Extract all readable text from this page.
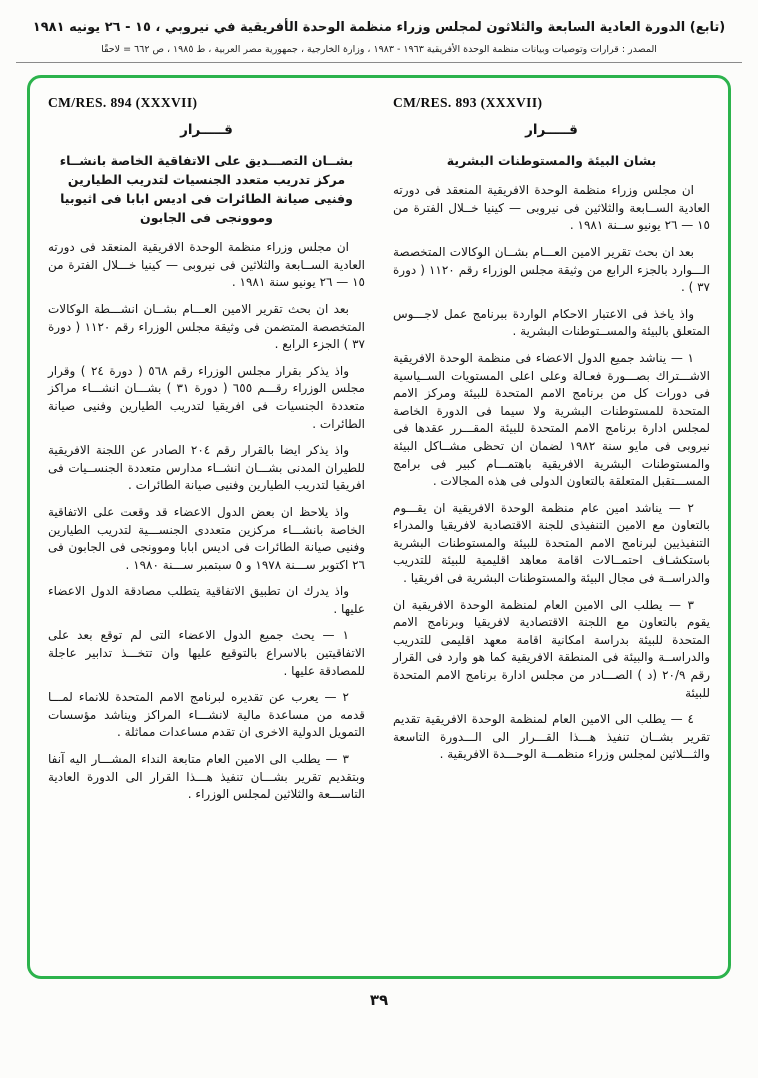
(تابع) الدورة العادية السابعة والثلاثون لمجلس وزراء منظمة الوحدة الأفريقية في نيروبي ، ١٥ - ٢٦ يونيه ١٩٨١
المصدر : قرارات وتوصيات وبيانات منظمة الوحدة الأفريقية ١٩٦٣ - ١٩٨٣ ، وزارة الخارجية ، جمهورية مصر العربية ، ط ١٩٨٥ ، ص ٦٦٢ = لاحقًا
CM/RES. 893 (XXXVII)
قـــــرار
بشان البيئة والمستوطنات البشرية

ان مجلس وزراء منظمة الوحدة الافريقية المنعقد فى دورته العادية الســابعة والثلاثين فى نيروبى — كينيا خــلال الفترة من ١٥ — ٢٦ يونيو ســنة ١٩٨١ .

بعد ان بحث تقرير الامين العـــام بشــان الوكالات المتخصصة الـــوارد بالجزء الرابع من وثيقة مجلس الوزراء رقم ١١٢٠ ( دورة ٣٧ ) .

واذ ياخذ فى الاعتبار الاحكام الواردة ببرنامج عمل لاجـــوس المتعلق بالبيئة والمســتوطنات البشرية .

١ — يناشد جميع الدول الاعضاء فى منظمة الوحدة الافريقية الاشـــتراك بصـــورة فعـالة وعلى اعلى المستويات الســياسية فى دورات كل من برنامج الامم المتحدة للبيئة ومركز الامم المتحدة للمستوطنات البشرية ولا سيما فى الدورة الخاصة لمجلس ادارة برنامج الامم المتحدة للبيئة المقـــرر عقدها فى نيروبى فى مايو سنة ١٩٨٢ لضمان ان تحظى مشــاكل البيئة والمستوطنات البشرية الافريقية باهتمـــام كبير فى برامج المســـتقبل المتعلقة بالتعاون الدولى فى هذه المجالات .

٢ — يناشد امين عام منظمة الوحدة الافريقية ان يقـــوم بالتعاون مع الامين التنفيذى للجنة الاقتصادية لافريقيا والمدراء التنفيذيين لبرنامج الامم المتحدة للبيئة والمستوطنات البشرية باستكشـاف احتمــالات اقامة معاهد اقليمية للبيئة للتدريب والدراســة فى مجال البيئة والمستوطنات البشرية فى افريقيا .

٣ — يطلب الى الامين العام لمنظمة الوحدة الافريقية ان يقوم بالتعاون مع اللجنة الاقتصادية لافريقيا وبرنامج الامم المتحدة للبيئة بدراسة امكانية اقامة معهد اقليمى للتدريب والدراســة والبيئة فى المنطقة الافريقية كما هو وارد فى القرار رقم ٢٠/٩ (د ) الصـــادر من مجلس ادارة برنامج الامم المتحدة للبيئة

٤ — يطلب الى الامين العام لمنظمة الوحدة الافريقية تقديم تقرير بشــان تنفيذ هـــذا القـــرار الى الـــدورة التاسعة والثـــلاثين لمجلس وزراء منظمـــة الوحـــدة الافريقية .

CM/RES. 894 (XXXVII)
قـــــرار
بشــان التصـــديق على الاتفاقية الخاصة بانشــاء مركز تدريب متعدد الجنسيات لتدريب الطيارين وفنيى صيانة الطائرات فى اديس ابابا فى اثيوبيا وموونجى فى الجابون

ان مجلس وزراء منظمة الوحدة الافريقية المنعقد فى دورته العادية الســابعة والثلاثين فى نيروبى — كينيا خـــلال الفترة من ١٥ — ٢٦ يونيو سنة ١٩٨١ .

بعد ان بحث تقرير الامين العـــام بشــان انشـــطة الوكالات المتخصصة المتضمن فى وثيقة مجلس الوزراء رقم ١١٢٠ ( دورة ٣٧ ) الجزء الرابع .

واذ يذكر بقرار مجلس الوزراء رقم ٥٦٨ ( دورة ٢٤ ) وقرار مجلس الوزراء رقـــم ٦٥٥ ( دورة ٣١ ) بشـــان انشـــاء مراكز متعددة الجنسيات فى افريقيا لتدريب الطيارين وفنيى صيانة الطائرات .

واذ يذكر ايضا بالقرار رقم ٢٠٤ الصادر عن اللجنة الافريقية للطيران المدنى بشـــان انشــاء مدارس متعددة الجنســيات فى افريقيا لتدريب الطيارين وفنيى صيانة الطائرات .

واذ يلاحظ ان بعض الدول الاعضاء قد وقعت على الاتفاقية الخاصة بانشـــاء مركزين متعددى الجنســـية لتدريب الطيارين وفنيى صيانة الطائرات فى اديس ابابا وموونجى فى الجابون فى ٢٦ اكتوبر ســـنة ١٩٧٨ و ٥ سبتمبر ســـنة ١٩٨٠ .

واذ يدرك ان تطبيق الاتفاقية يتطلب مصادقة الدول الاعضاء عليها .

١ — يحث جميع الدول الاعضاء التى لم توقع بعد على الاتفاقيتين بالاسراع بالتوقيع عليها وان تتخـــذ تدابير عاجلة للمصادقة عليها .

٢ — يعرب عن تقديره لبرنامج الامم المتحدة للانماء لمـــا قدمه من مساعدة مالية لانشـــاء المراكز ويناشد مؤسسات التمويل الدولية الاخرى ان تقدم مساعدات مماثلة .

٣ — يطلب الى الامين العام متابعة النداء المشـــار اليه آنفا وبتقديم تقرير بشـــان تنفيذ هـــذا القرار الى الدورة العادية التاســـعة والثلاثين لمجلس الوزراء .

٣٩
